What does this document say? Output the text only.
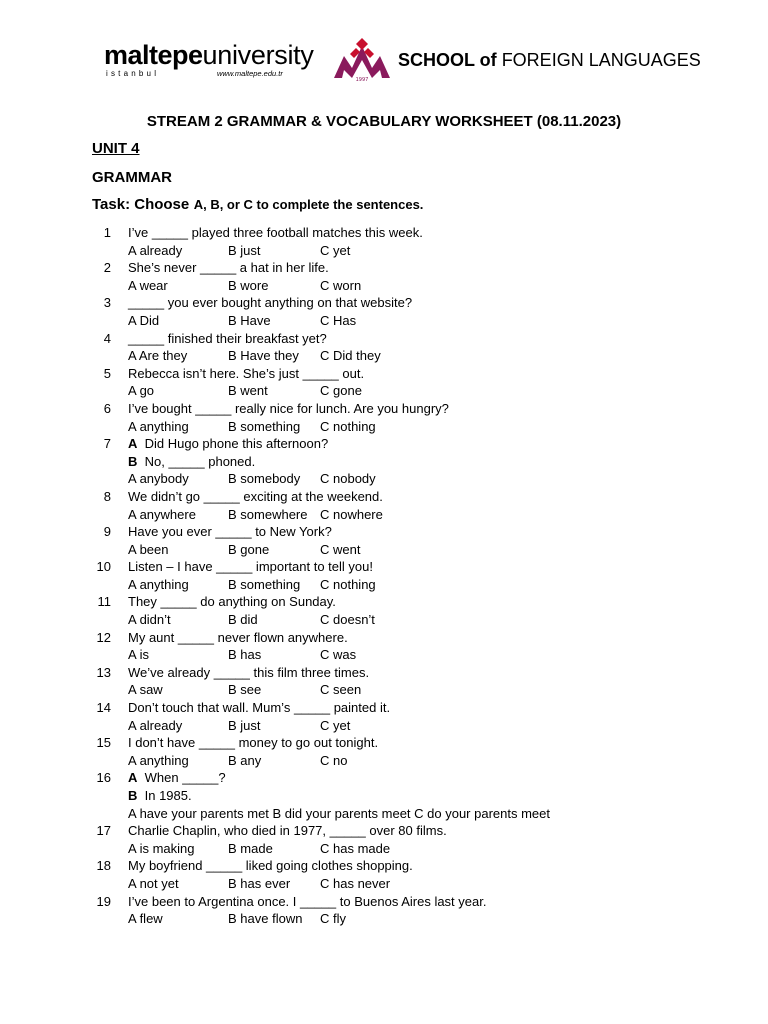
maltepeuniversity
istanbul	www.maltepe.edu.tr
1997
SCHOOL of FOREIGN LANGUAGES
STREAM 2 GRAMMAR & VOCABULARY WORKSHEET (08.11.2023)
UNIT 4
GRAMMAR
Task: Choose A, B, or C to complete the sentences.
1	I’ve _____ played three football matches this week.
A already	B just	C yet
2	She’s never _____ a hat in her life.
A wear	B wore	C worn
3	_____ you ever bought anything on that website?
A Did	B Have	C Has
4	_____ finished their breakfast yet?
A Are they	B Have they C Did they
5	Rebecca isn’t here. She’s just _____ out.
A go	B went	C gone
6	I’ve bought _____ really nice for lunch. Are you hungry?
A anything	B something C nothing
7	A Did Hugo phone this afternoon?
B No, _____ phoned.
A anybody	B somebody C nobody
8	We didn’t go _____ exciting at the weekend.
A anywhere B somewhere C nowhere
9	Have you ever _____ to New York?
A been	B gone	C went
10	Listen – I have _____ important to tell you!
A anything	B something C nothing
11	They _____ do anything on Sunday.
A didn’t	B did	C doesn’t
12	My aunt _____ never flown anywhere.
A is	B has	C was
13	We’ve already _____ this film three times.
A saw	B see	C seen
14	Don’t touch that wall. Mum’s _____ painted it.
A already	B just	C yet
15	I don’t have _____ money to go out tonight.
A anything	B any	C no
16	A When _____?
B In 1985.
A have your parents met B did your parents meet C do your parents meet
17	Charlie Chaplin, who died in 1977, _____ over 80 films.
A is making	B made	C has made
18	My boyfriend _____ liked going clothes shopping.
A not yet	B has ever C has never
19	I’ve been to Argentina once. I _____ to Buenos Aires last year.
A flew	B have flown C fly
